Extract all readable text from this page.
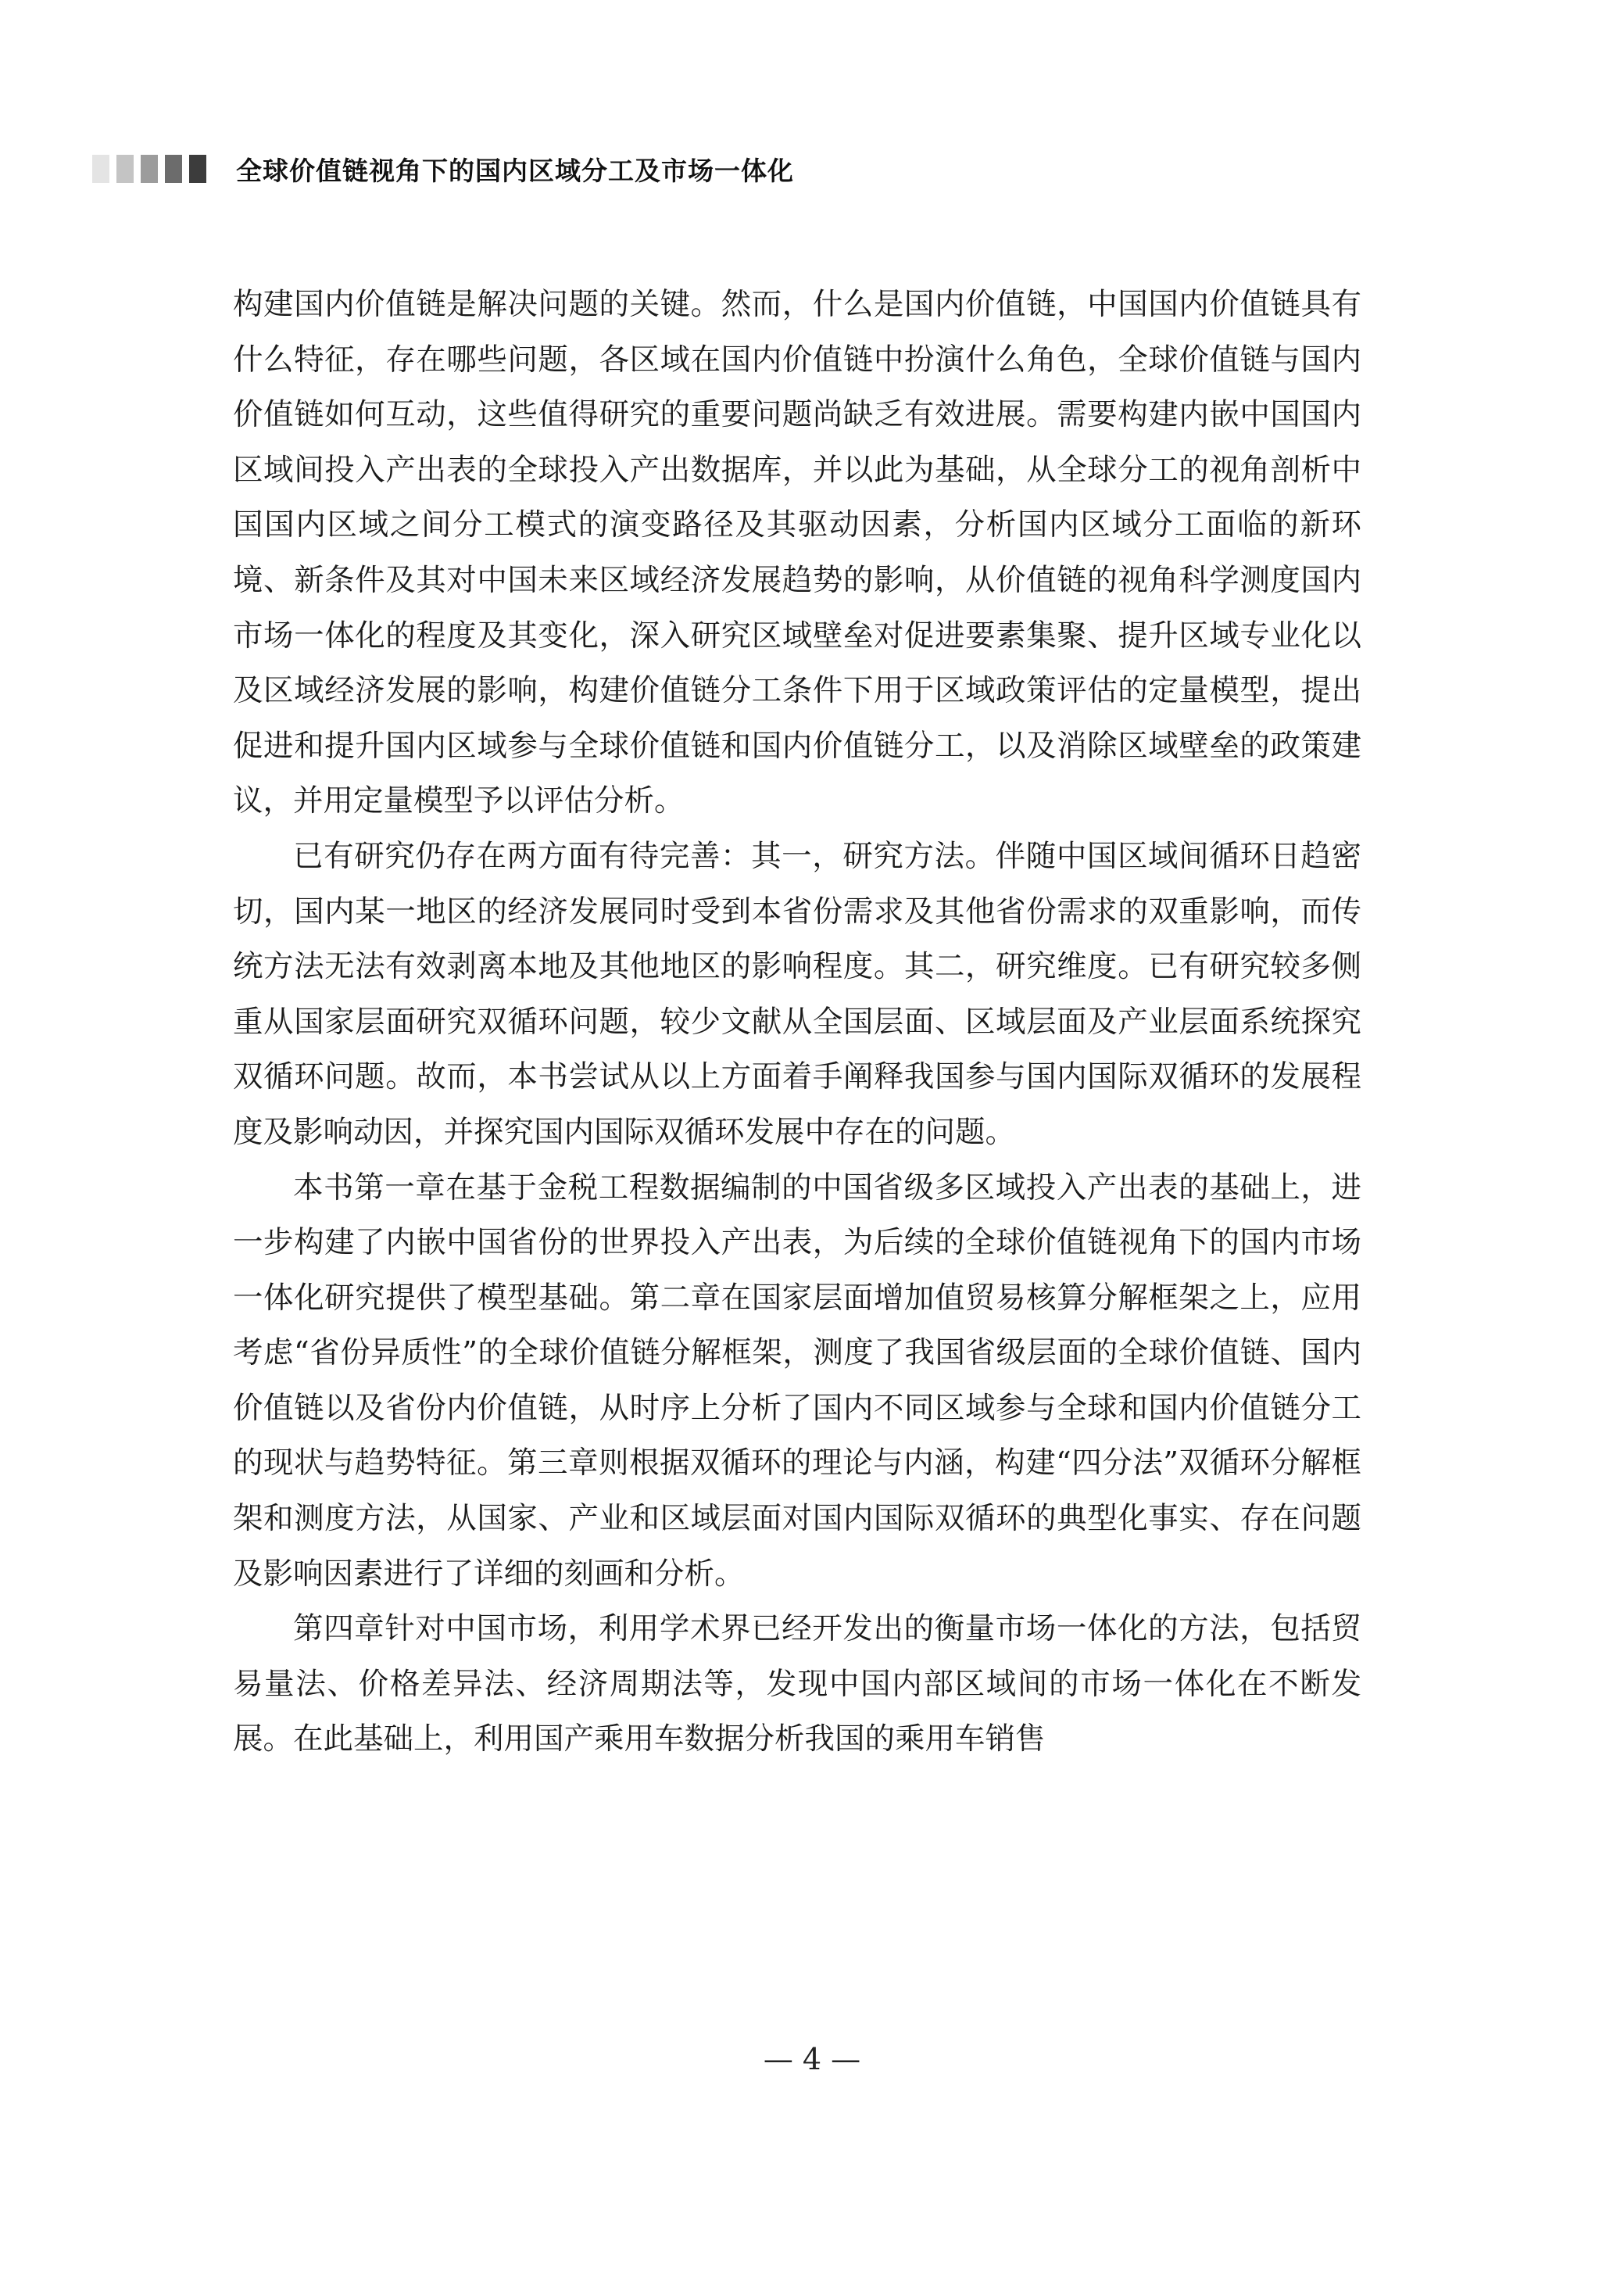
全球价值链视角下的国内区域分工及市场一体化

构建国内价值链是解决问题的关键。然而，什么是国内价值链，中国国内价值链具有什么特征，存在哪些问题，各区域在国内价值链中扮演什么角色，全球价值链与国内价值链如何互动，这些值得研究的重要问题尚缺乏有效进展。需要构建内嵌中国国内区域间投入产出表的全球投入产出数据库，并以此为基础，从全球分工的视角剖析中国国内区域之间分工模式的演变路径及其驱动因素，分析国内区域分工面临的新环境、新条件及其对中国未来区域经济发展趋势的影响，从价值链的视角科学测度国内市场一体化的程度及其变化，深入研究区域壁垒对促进要素集聚、提升区域专业化以及区域经济发展的影响，构建价值链分工条件下用于区域政策评估的定量模型，提出促进和提升国内区域参与全球价值链和国内价值链分工，以及消除区域壁垒的政策建议，并用定量模型予以评估分析。

已有研究仍存在两方面有待完善：其一，研究方法。伴随中国区域间循环日趋密切，国内某一地区的经济发展同时受到本省份需求及其他省份需求的双重影响，而传统方法无法有效剥离本地及其他地区的影响程度。其二，研究维度。已有研究较多侧重从国家层面研究双循环问题，较少文献从全国层面、区域层面及产业层面系统探究双循环问题。故而，本书尝试从以上方面着手阐释我国参与国内国际双循环的发展程度及影响动因，并探究国内国际双循环发展中存在的问题。

本书第一章在基于金税工程数据编制的中国省级多区域投入产出表的基础上，进一步构建了内嵌中国省份的世界投入产出表，为后续的全球价值链视角下的国内市场一体化研究提供了模型基础。第二章在国家层面增加值贸易核算分解框架之上，应用考虑“省份异质性”的全球价值链分解框架，测度了我国省级层面的全球价值链、国内价值链以及省份内价值链，从时序上分析了国内不同区域参与全球和国内价值链分工的现状与趋势特征。第三章则根据双循环的理论与内涵，构建“四分法”双循环分解框架和测度方法，从国家、产业和区域层面对国内国际双循环的典型化事实、存在问题及影响因素进行了详细的刻画和分析。

第四章针对中国市场，利用学术界已经开发出的衡量市场一体化的方法，包括贸易量法、价格差异法、经济周期法等，发现中国内部区域间的市场一体化在不断发展。在此基础上，利用国产乘用车数据分析我国的乘用车销售

— 4 —
